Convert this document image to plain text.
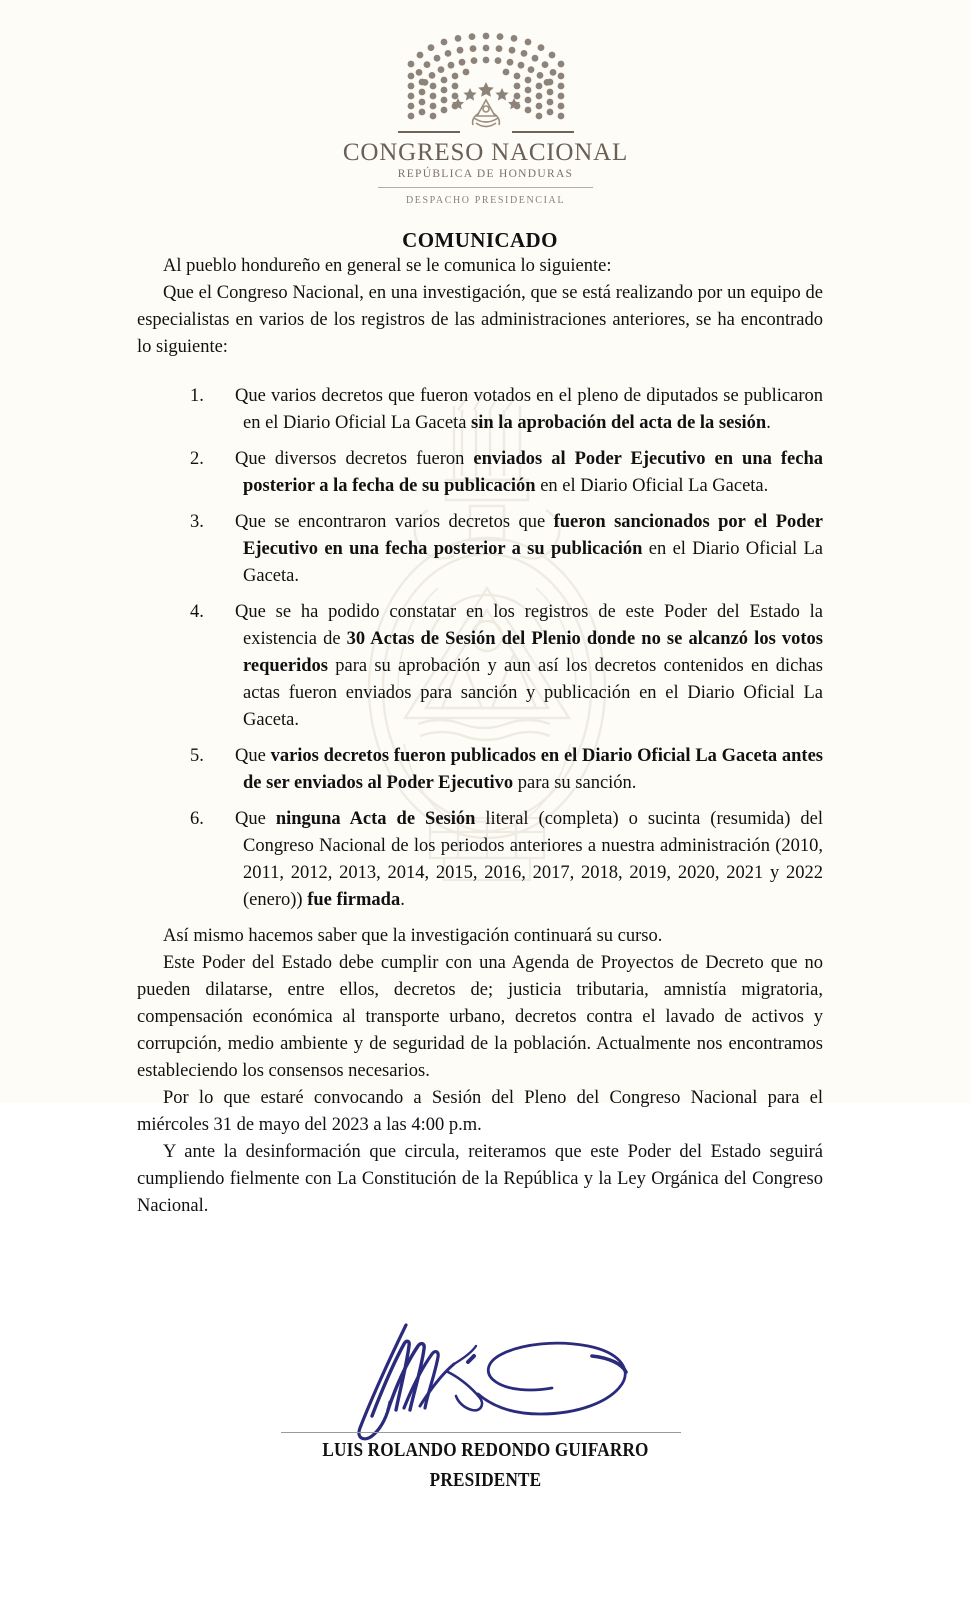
CONGRESO NACIONAL
REPÚBLICA DE HONDURAS
DESPACHO PRESIDENCIAL
COMUNICADO

Al pueblo hondureño en general se le comunica lo siguiente:

Que el Congreso Nacional, en una investigación, que se está realizando por un equipo de especialistas en varios de los registros de las administraciones anteriores, se ha encontrado lo siguiente:

1. Que varios decretos que fueron votados en el pleno de diputados se publicaron en el Diario Oficial La Gaceta sin la aprobación del acta de la sesión.
2. Que diversos decretos fueron enviados al Poder Ejecutivo en una fecha posterior a la fecha de su publicación en el Diario Oficial La Gaceta.
3. Que se encontraron varios decretos que fueron sancionados por el Poder Ejecutivo en una fecha posterior a su publicación en el Diario Oficial La Gaceta.
4. Que se ha podido constatar en los registros de este Poder del Estado la existencia de 30 Actas de Sesión del Plenio donde no se alcanzó los votos requeridos para su aprobación y aun así los decretos contenidos en dichas actas fueron enviados para sanción y publicación en el Diario Oficial La Gaceta.
5. Que varios decretos fueron publicados en el Diario Oficial La Gaceta antes de ser enviados al Poder Ejecutivo para su sanción.
6. Que ninguna Acta de Sesión literal (completa) o sucinta (resumida) del Congreso Nacional de los periodos anteriores a nuestra administración (2010, 2011, 2012, 2013, 2014, 2015, 2016, 2017, 2018, 2019, 2020, 2021 y 2022 (enero)) fue firmada.

Así mismo hacemos saber que la investigación continuará su curso.

Este Poder del Estado debe cumplir con una Agenda de Proyectos de Decreto que no pueden dilatarse, entre ellos, decretos de; justicia tributaria, amnistía migratoria, compensación económica al transporte urbano, decretos contra el lavado de activos y corrupción, medio ambiente y de seguridad de la población. Actualmente nos encontramos estableciendo los consensos necesarios.

Por lo que estaré convocando a Sesión del Pleno del Congreso Nacional para el miércoles 31 de mayo del 2023 a las 4:00 p.m.

Y ante la desinformación que circula, reiteramos que este Poder del Estado seguirá cumpliendo fielmente con La Constitución de la República y la Ley Orgánica del Congreso Nacional.

LUIS ROLANDO REDONDO GUIFARRO
PRESIDENTE
